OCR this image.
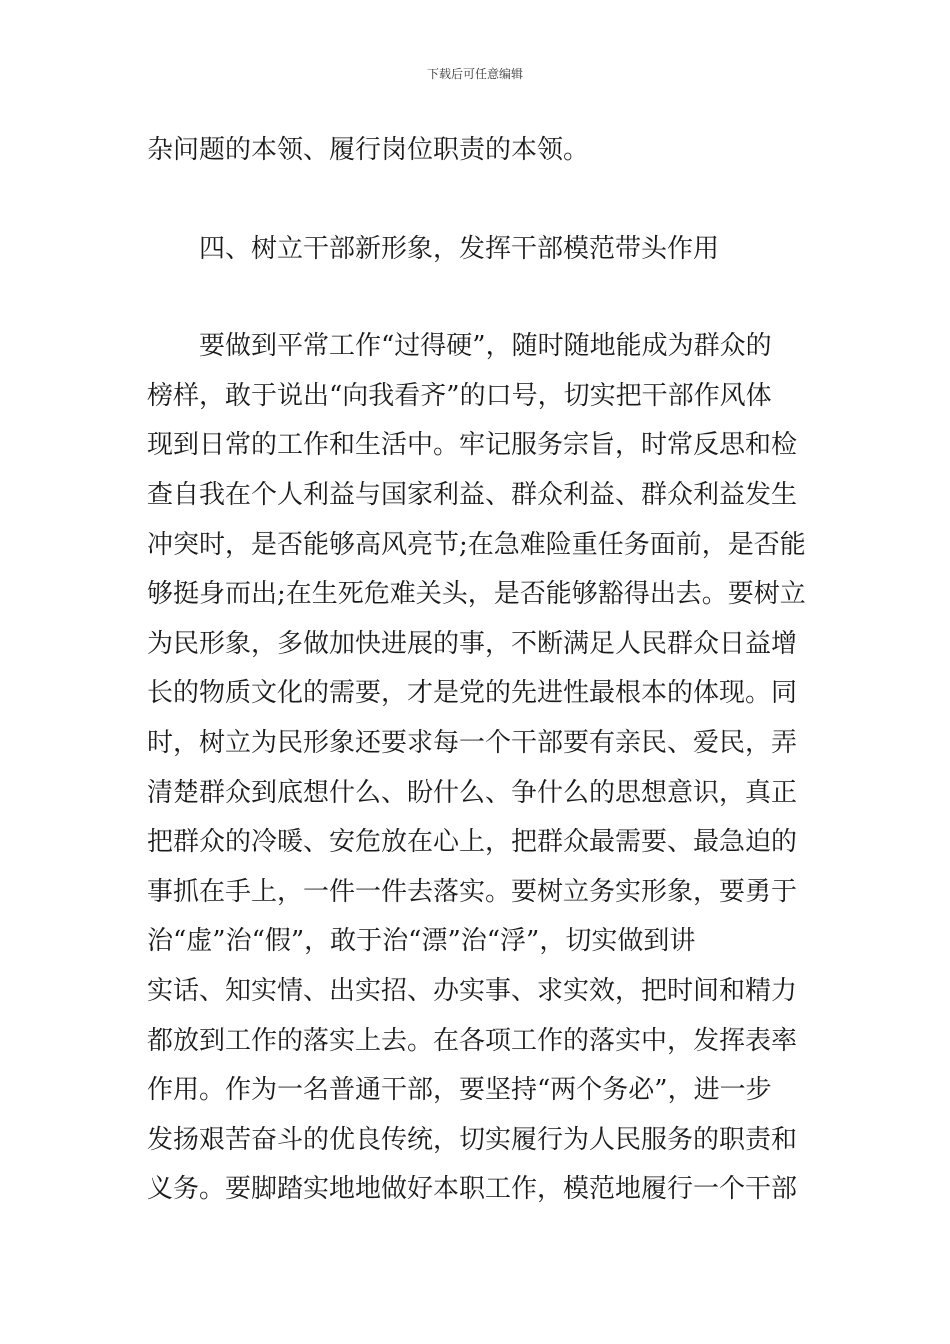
下载后可任意编辑
杂问题的本领、履行岗位职责的本领。
四、树立干部新形象，发挥干部模范带头作用
要做到平常工作“过得硬”，随时随地能成为群众的
榜样，敢于说出“向我看齐”的口号，切实把干部作风体
现到日常的工作和生活中。牢记服务宗旨，时常反思和检
查自我在个人利益与国家利益、群众利益、群众利益发生
冲突时，是否能够高风亮节;在急难险重任务面前，是否能
够挺身而出;在生死危难关头，是否能够豁得出去。要树立
为民形象，多做加快进展的事，不断满足人民群众日益增
长的物质文化的需要，才是党的先进性最根本的体现。同
时，树立为民形象还要求每一个干部要有亲民、爱民，弄
清楚群众到底想什么、盼什么、争什么的思想意识，真正
把群众的冷暖、安危放在心上，把群众最需要、最急迫的
事抓在手上，一件一件去落实。要树立务实形象，要勇于
治“虚”治“假”，敢于治“漂”治“浮”，切实做到讲
实话、知实情、出实招、办实事、求实效，把时间和精力
都放到工作的落实上去。在各项工作的落实中，发挥表率
作用。作为一名普通干部，要坚持“两个务必”，进一步
发扬艰苦奋斗的优良传统，切实履行为人民服务的职责和
义务。要脚踏实地地做好本职工作，模范地履行一个干部
